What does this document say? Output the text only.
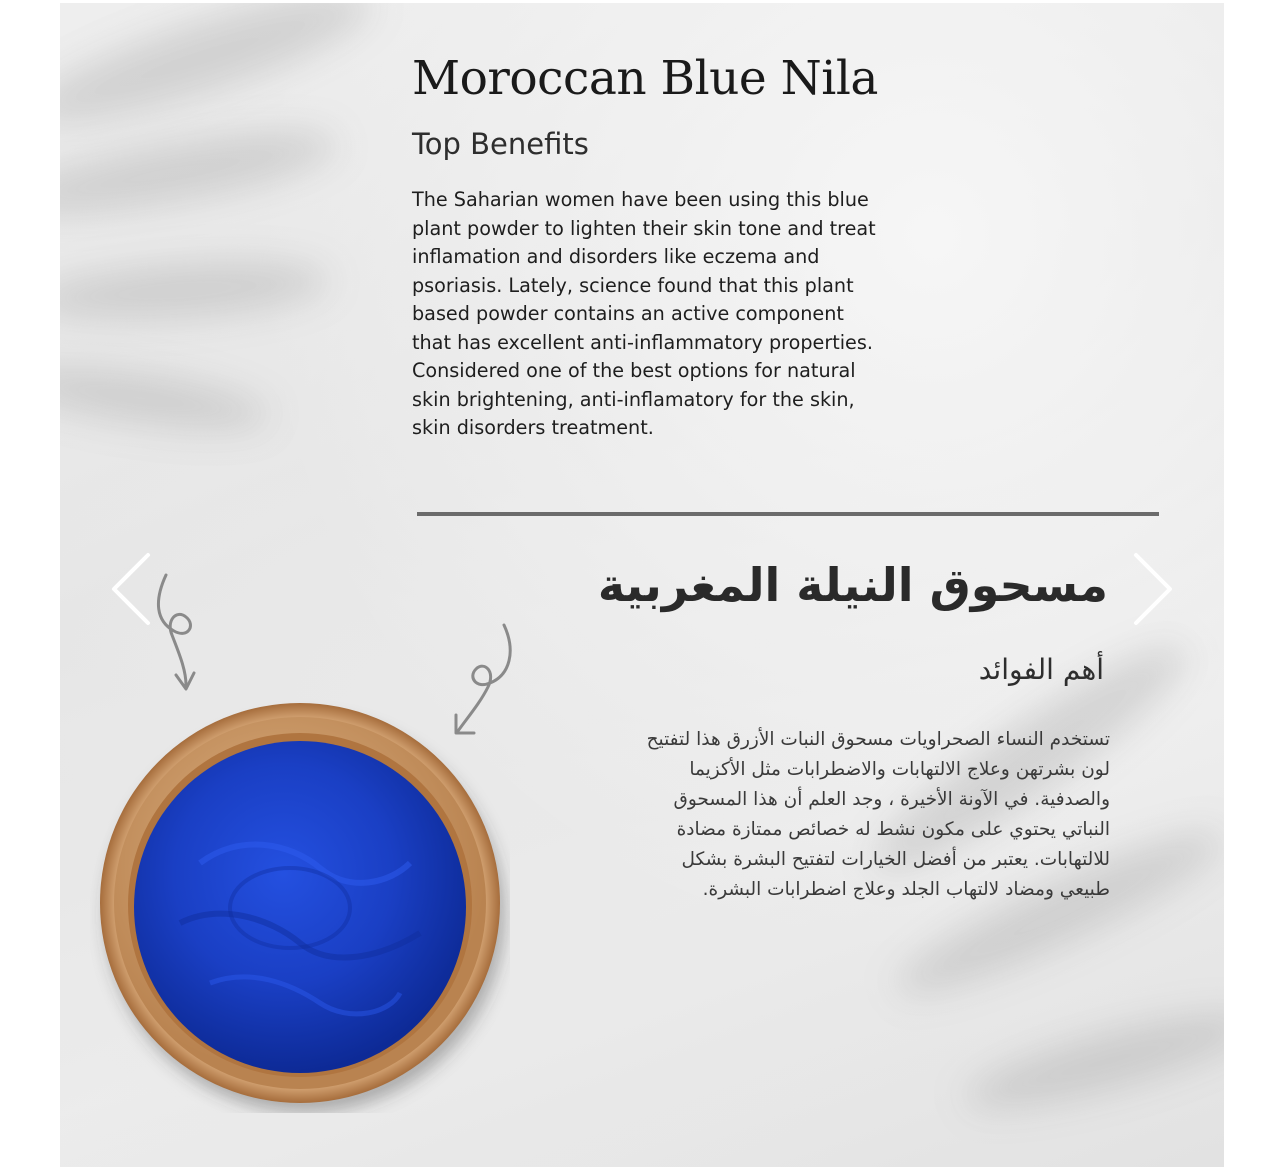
Moroccan Blue Nila
Top Benefits

The Saharian women have been using this blue plant powder to lighten their skin tone and treat inflamation and disorders like eczema and psoriasis. Lately, science found that this plant based powder contains an active component that has excellent anti-inflammatory properties. Considered one of the best options for natural skin brightening, anti-inflamatory for the skin, skin disorders treatment.

مسحوق النيلة المغربية
أهم الفوائد

تستخدم النساء الصحراويات مسحوق النبات الأزرق هذا لتفتيح لون بشرتهن وعلاج الالتهابات والاضطرابات مثل الأكزيما والصدفية. في الآونة الأخيرة ، وجد العلم أن هذا المسحوق النباتي يحتوي على مكون نشط له خصائص ممتازة مضادة للالتهابات. يعتبر من أفضل الخيارات لتفتيح البشرة بشكل طبيعي ومضاد لالتهاب الجلد وعلاج اضطرابات البشرة.
